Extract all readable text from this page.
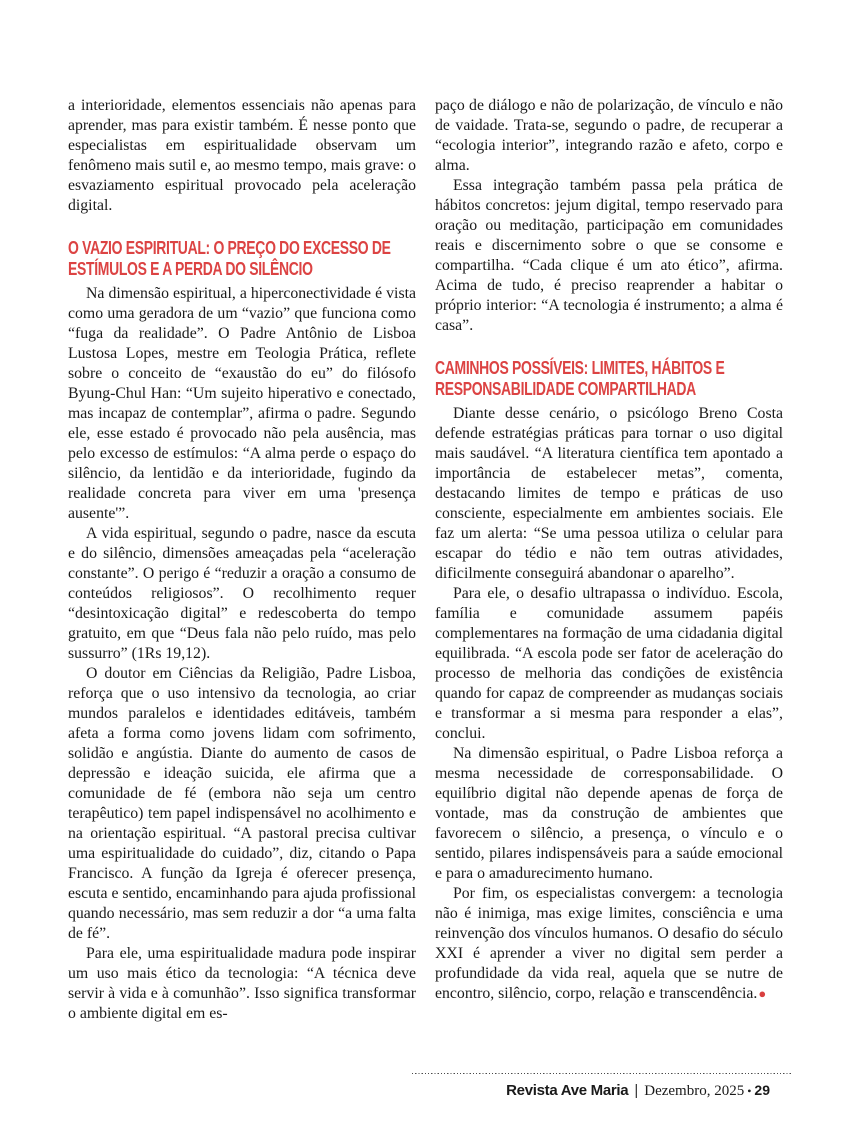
a interioridade, elementos essenciais não apenas para aprender, mas para existir também. É nesse ponto que especialistas em espiritualidade observam um fenômeno mais sutil e, ao mesmo tempo, mais grave: o esvaziamento espiritual provocado pela aceleração digital.

O VAZIO ESPIRITUAL: O PREÇO DO EXCESSO DE ESTÍMULOS E A PERDA DO SILÊNCIO

Na dimensão espiritual, a hiperconectividade é vista como uma geradora de um “vazio” que funciona como “fuga da realidade”. O Padre Antônio de Lisboa Lustosa Lopes, mestre em Teologia Prática, reflete sobre o conceito de “exaustão do eu” do filósofo Byung-Chul Han: “Um sujeito hiperativo e conectado, mas incapaz de contemplar”, afirma o padre. Segundo ele, esse estado é provocado não pela ausência, mas pelo excesso de estímulos: “A alma perde o espaço do silêncio, da lentidão e da interioridade, fugindo da realidade concreta para viver em uma 'presença ausente'”.

A vida espiritual, segundo o padre, nasce da escuta e do silêncio, dimensões ameaçadas pela “aceleração constante”. O perigo é “reduzir a oração a consumo de conteúdos religiosos”. O recolhimento requer “desintoxicação digital” e redescoberta do tempo gratuito, em que “Deus fala não pelo ruído, mas pelo sussurro” (1Rs 19,12).

O doutor em Ciências da Religião, Padre Lisboa, reforça que o uso intensivo da tecnologia, ao criar mundos paralelos e identidades editáveis, também afeta a forma como jovens lidam com sofrimento, solidão e angústia. Diante do aumento de casos de depressão e ideação suicida, ele afirma que a comunidade de fé (embora não seja um centro terapêutico) tem papel indispensável no acolhimento e na orientação espiritual. “A pastoral precisa cultivar uma espiritualidade do cuidado”, diz, citando o Papa Francisco. A função da Igreja é oferecer presença, escuta e sentido, encaminhando para ajuda profissional quando necessário, mas sem reduzir a dor “a uma falta de fé”.

Para ele, uma espiritualidade madura pode inspirar um uso mais ético da tecnologia: “A técnica deve servir à vida e à comunhão”. Isso significa transformar o ambiente digital em es-

paço de diálogo e não de polarização, de vínculo e não de vaidade. Trata-se, segundo o padre, de recuperar a “ecologia interior”, integrando razão e afeto, corpo e alma.

Essa integração também passa pela prática de hábitos concretos: jejum digital, tempo reservado para oração ou meditação, participação em comunidades reais e discernimento sobre o que se consome e compartilha. “Cada clique é um ato ético”, afirma. Acima de tudo, é preciso reaprender a habitar o próprio interior: “A tecnologia é instrumento; a alma é casa”.

CAMINHOS POSSÍVEIS: LIMITES, HÁBITOS E RESPONSABILIDADE COMPARTILHADA

Diante desse cenário, o psicólogo Breno Costa defende estratégias práticas para tornar o uso digital mais saudável. “A literatura científica tem apontado a importância de estabelecer metas”, comenta, destacando limites de tempo e práticas de uso consciente, especialmente em ambientes sociais. Ele faz um alerta: “Se uma pessoa utiliza o celular para escapar do tédio e não tem outras atividades, dificilmente conseguirá abandonar o aparelho”.

Para ele, o desafio ultrapassa o indivíduo. Escola, família e comunidade assumem papéis complementares na formação de uma cidadania digital equilibrada. “A escola pode ser fator de aceleração do processo de melhoria das condições de existência quando for capaz de compreender as mudanças sociais e transformar a si mesma para responder a elas”, conclui.

Na dimensão espiritual, o Padre Lisboa reforça a mesma necessidade de corresponsabilidade. O equilíbrio digital não depende apenas de força de vontade, mas da construção de ambientes que favorecem o silêncio, a presença, o vínculo e o sentido, pilares indispensáveis para a saúde emocional e para o amadurecimento humano.

Por fim, os especialistas convergem: a tecnologia não é inimiga, mas exige limites, consciência e uma reinvenção dos vínculos humanos. O desafio do século XXI é aprender a viver no digital sem perder a profundidade da vida real, aquela que se nutre de encontro, silêncio, corpo, relação e transcendência.●

Revista Ave Maria | Dezembro, 2025 • 29
